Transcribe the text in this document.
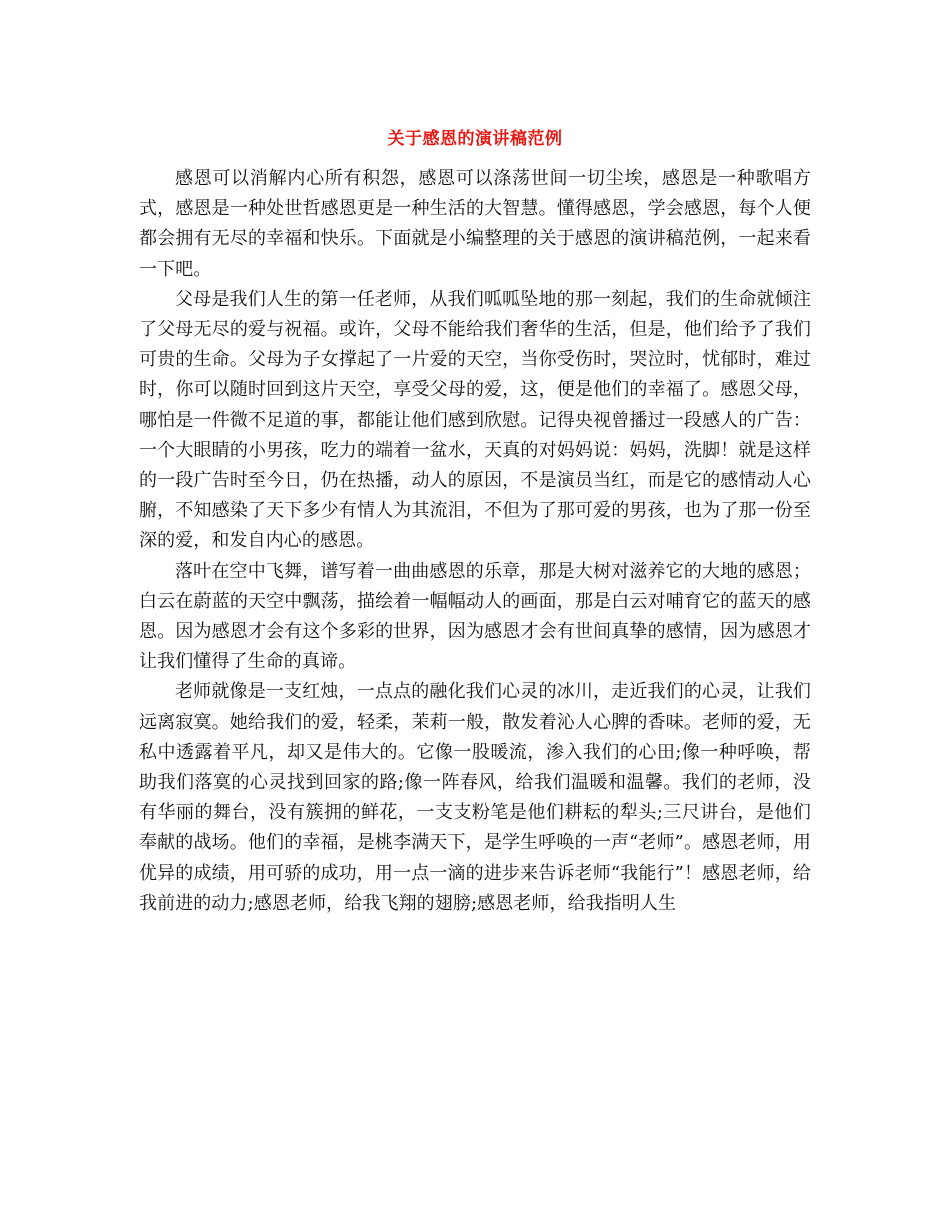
关于感恩的演讲稿范例

感恩可以消解内心所有积怨，感恩可以涤荡世间一切尘埃，感恩是一种歌唱方式，感恩是一种处世哲感恩更是一种生活的大智慧。懂得感恩，学会感恩，每个人便都会拥有无尽的幸福和快乐。下面就是小编整理的关于感恩的演讲稿范例，一起来看一下吧。

父母是我们人生的第一任老师，从我们呱呱坠地的那一刻起，我们的生命就倾注了父母无尽的爱与祝福。或许，父母不能给我们奢华的生活，但是，他们给予了我们可贵的生命。父母为子女撑起了一片爱的天空，当你受伤时，哭泣时，忧郁时，难过时，你可以随时回到这片天空，享受父母的爱，这，便是他们的幸福了。感恩父母，哪怕是一件微不足道的事，都能让他们感到欣慰。记得央视曾播过一段感人的广告：一个大眼睛的小男孩，吃力的端着一盆水，天真的对妈妈说：妈妈，洗脚！就是这样的一段广告时至今日，仍在热播，动人的原因，不是演员当红，而是它的感情动人心腑，不知感染了天下多少有情人为其流泪，不但为了那可爱的男孩，也为了那一份至深的爱，和发自内心的感恩。

落叶在空中飞舞，谱写着一曲曲感恩的乐章，那是大树对滋养它的大地的感恩；白云在蔚蓝的天空中飘荡，描绘着一幅幅动人的画面，那是白云对哺育它的蓝天的感恩。因为感恩才会有这个多彩的世界，因为感恩才会有世间真挚的感情，因为感恩才让我们懂得了生命的真谛。

老师就像是一支红烛，一点点的融化我们心灵的冰川，走近我们的心灵，让我们远离寂寞。她给我们的爱，轻柔，茉莉一般，散发着沁人心脾的香味。老师的爱，无私中透露着平凡，却又是伟大的。它像一股暖流，渗入我们的心田;像一种呼唤，帮助我们落寞的心灵找到回家的路;像一阵春风，给我们温暖和温馨。我们的老师，没有华丽的舞台，没有簇拥的鲜花，一支支粉笔是他们耕耘的犁头;三尺讲台，是他们奉献的战场。他们的幸福，是桃李满天下，是学生呼唤的一声“老师”。感恩老师，用优异的成绩，用可骄的成功，用一点一滴的进步来告诉老师“我能行”！感恩老师，给我前进的动力;感恩老师，给我飞翔的翅膀;感恩老师，给我指明人生
